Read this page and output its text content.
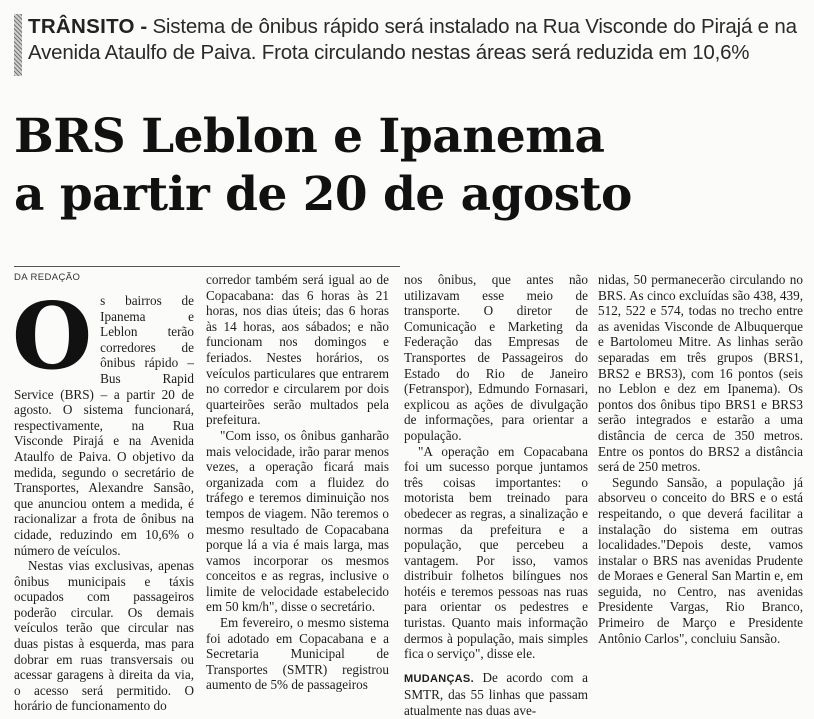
TRÂNSITO - Sistema de ônibus rápido será instalado na Rua Visconde do Pirajá e na Avenida Ataulfo de Paiva. Frota circulando nestas áreas será reduzida em 10,6%
BRS Leblon e Ipanema
a partir de 20 de agosto
DA REDAÇÃO

O s bairros de Ipanema e Leblon terão corredores de ônibus rápido – Bus Rapid Service (BRS) – a partir 20 de agosto. O sistema funcionará, respectivamente, na Rua Visconde Pirajá e na Avenida Ataulfo de Paiva. O objetivo da medida, segundo o secretário de Transportes, Alexandre Sansão, que anunciou ontem a medida, é racionalizar a frota de ônibus na cidade, reduzindo em 10,6% o número de veículos.

Nestas vias exclusivas, apenas ônibus municipais e táxis ocupados com passageiros poderão circular. Os demais veículos terão que circular nas duas pistas à esquerda, mas para dobrar em ruas transversais ou acessar garagens à direita da via, o acesso será permitido. O horário de funcionamento do

corredor também será igual ao de Copacabana: das 6 horas às 21 horas, nos dias úteis; das 6 horas às 14 horas, aos sábados; e não funcionam nos domingos e feriados. Nestes horários, os veículos particulares que entrarem no corredor e circularem por dois quarteirões serão multados pela prefeitura.

"Com isso, os ônibus ganharão mais velocidade, irão parar menos vezes, a operação ficará mais organizada com a fluidez do tráfego e teremos diminuição nos tempos de viagem. Não teremos o mesmo resultado de Copacabana porque lá a via é mais larga, mas vamos incorporar os mesmos conceitos e as regras, inclusive o limite de velocidade estabelecido em 50 km/h", disse o secretário.

Em fevereiro, o mesmo sistema foi adotado em Copacabana e a Secretaria Municipal de Transportes (SMTR) registrou aumento de 5% de passageiros

nos ônibus, que antes não utilizavam esse meio de transporte. O diretor de Comunicação e Marketing da Federação das Empresas de Transportes de Passageiros do Estado do Rio de Janeiro (Fetranspor), Edmundo Fornasari, explicou as ações de divulgação de informações, para orientar a população.

"A operação em Copacabana foi um sucesso porque juntamos três coisas importantes: o motorista bem treinado para obedecer as regras, a sinalização e normas da prefeitura e a população, que percebeu a vantagem. Por isso, vamos distribuir folhetos bilíngues nos hotéis e teremos pessoas nas ruas para orientar os pedestres e turistas. Quanto mais informação dermos à população, mais simples fica o serviço", disse ele.

MUDANÇAS. De acordo com a SMTR, das 55 linhas que passam atualmente nas duas ave-

nidas, 50 permanecerão circulando no BRS. As cinco excluídas são 438, 439, 512, 522 e 574, todas no trecho entre as avenidas Visconde de Albuquerque e Bartolomeu Mitre. As linhas serão separadas em três grupos (BRS1, BRS2 e BRS3), com 16 pontos (seis no Leblon e dez em Ipanema). Os pontos dos ônibus tipo BRS1 e BRS3 serão integrados e estarão a uma distância de cerca de 350 metros. Entre os pontos do BRS2 a distância será de 250 metros.

Segundo Sansão, a população já absorveu o conceito do BRS e o está respeitando, o que deverá facilitar a instalação do sistema em outras localidades."Depois deste, vamos instalar o BRS nas avenidas Prudente de Moraes e General San Martin e, em seguida, no Centro, nas avenidas Presidente Vargas, Rio Branco, Primeiro de Março e Presidente Antônio Carlos", concluiu Sansão.
